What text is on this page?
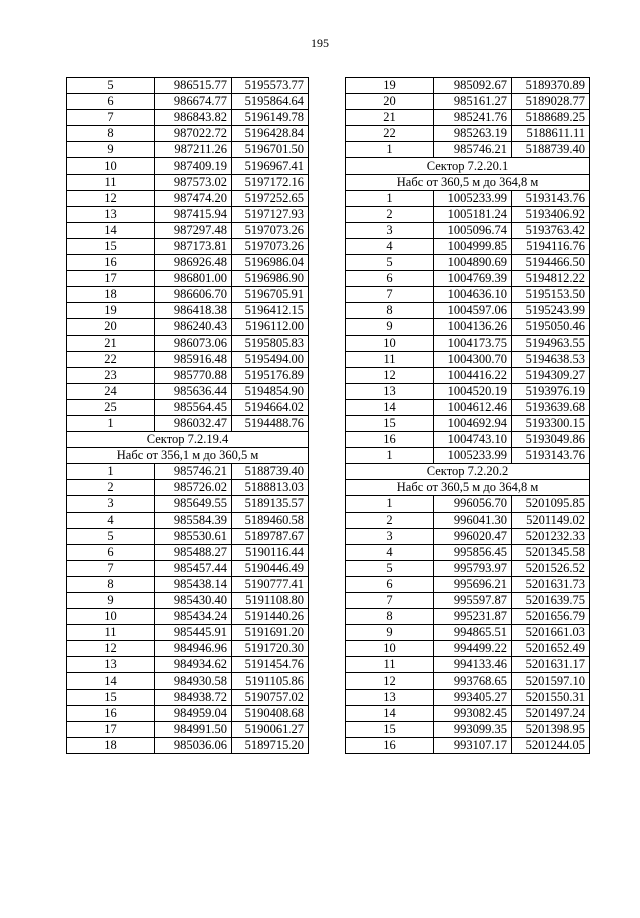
195
5	986515.77	5195573.77
6	986674.77	5195864.64
7	986843.82	5196149.78
8	987022.72	5196428.84
9	987211.26	5196701.50
10	987409.19	5196967.41
11	987573.02	5197172.16
12	987474.20	5197252.65
13	987415.94	5197127.93
14	987297.48	5197073.26
15	987173.81	5197073.26
16	986926.48	5196986.04
17	986801.00	5196986.90
18	986606.70	5196705.91
19	986418.38	5196412.15
20	986240.43	5196112.00
21	986073.06	5195805.83
22	985916.48	5195494.00
23	985770.88	5195176.89
24	985636.44	5194854.90
25	985564.45	5194664.02
1	986032.47	5194488.76
Сектор 7.2.19.4		
Набс от 356,1 м до 360,5 м		
1	985746.21	5188739.40
2	985726.02	5188813.03
3	985649.55	5189135.57
4	985584.39	5189460.58
5	985530.61	5189787.67
6	985488.27	5190116.44
7	985457.44	5190446.49
8	985438.14	5190777.41
9	985430.40	5191108.80
10	985434.24	5191440.26
11	985445.91	5191691.20
12	984946.96	5191720.30
13	984934.62	5191454.76
14	984930.58	5191105.86
15	984938.72	5190757.02
16	984959.04	5190408.68
17	984991.50	5190061.27
18	985036.06	5189715.20
19	985092.67	5189370.89
20	985161.27	5189028.77
21	985241.76	5188689.25
22	985263.19	5188611.11
1	985746.21	5188739.40
Сектор 7.2.20.1		
Набс от 360,5 м до 364,8 м		
1	1005233.99	5193143.76
2	1005181.24	5193406.92
3	1005096.74	5193763.42
4	1004999.85	5194116.76
5	1004890.69	5194466.50
6	1004769.39	5194812.22
7	1004636.10	5195153.50
8	1004597.06	5195243.99
9	1004136.26	5195050.46
10	1004173.75	5194963.55
11	1004300.70	5194638.53
12	1004416.22	5194309.27
13	1004520.19	5193976.19
14	1004612.46	5193639.68
15	1004692.94	5193300.15
16	1004743.10	5193049.86
1	1005233.99	5193143.76
Сектор 7.2.20.2		
Набс от 360,5 м до 364,8 м		
1	996056.70	5201095.85
2	996041.30	5201149.02
3	996020.47	5201232.33
4	995856.45	5201345.58
5	995793.97	5201526.52
6	995696.21	5201631.73
7	995597.87	5201639.75
8	995231.87	5201656.79
9	994865.51	5201661.03
10	994499.22	5201652.49
11	994133.46	5201631.17
12	993768.65	5201597.10
13	993405.27	5201550.31
14	993082.45	5201497.24
15	993099.35	5201398.95
16	993107.17	5201244.05
